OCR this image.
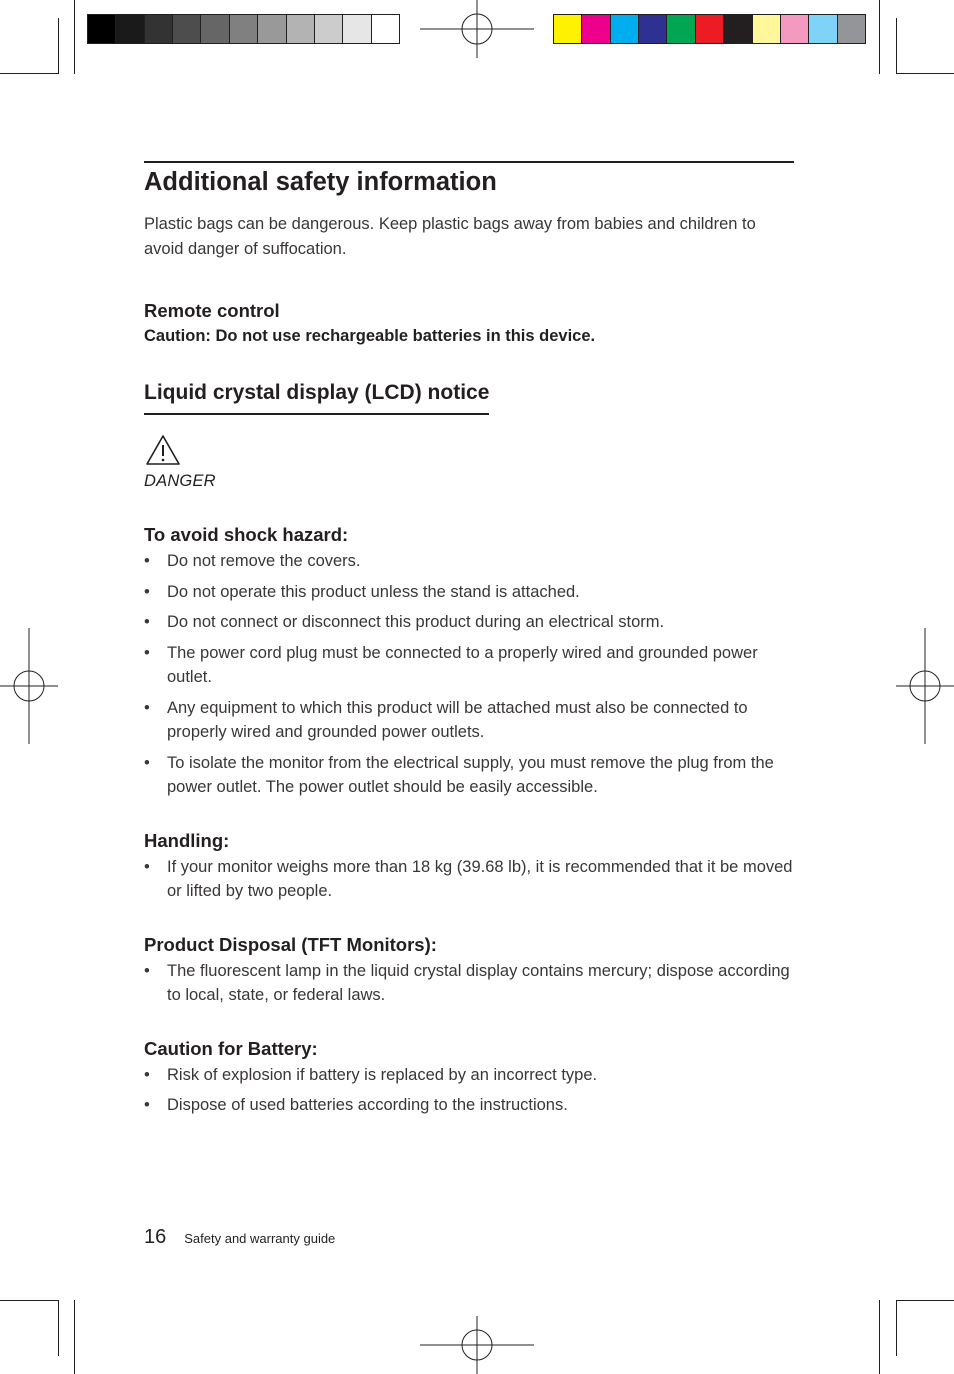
Additional safety information

Plastic bags can be dangerous. Keep plastic bags away from babies and children to avoid danger of suffocation.

Remote control
Caution: Do not use rechargeable batteries in this device.
Liquid crystal display (LCD) notice
DANGER
To avoid shock hazard:
• Do not remove the covers.
• Do not operate this product unless the stand is attached.
• Do not connect or disconnect this product during an electrical storm.
• The power cord plug must be connected to a properly wired and grounded power outlet.
• Any equipment to which this product will be attached must also be connected to properly wired and grounded power outlets.
• To isolate the monitor from the electrical supply, you must remove the plug from the power outlet. The power outlet should be easily accessible.
Handling:
• If your monitor weighs more than 18 kg (39.68 lb), it is recommended that it be moved or lifted by two people.
Product Disposal (TFT Monitors):
• The fluorescent lamp in the liquid crystal display contains mercury; dispose according to local, state, or federal laws.
Caution for Battery:
• Risk of explosion if battery is replaced by an incorrect type.
• Dispose of used batteries according to the instructions.
16 Safety and warranty guide
